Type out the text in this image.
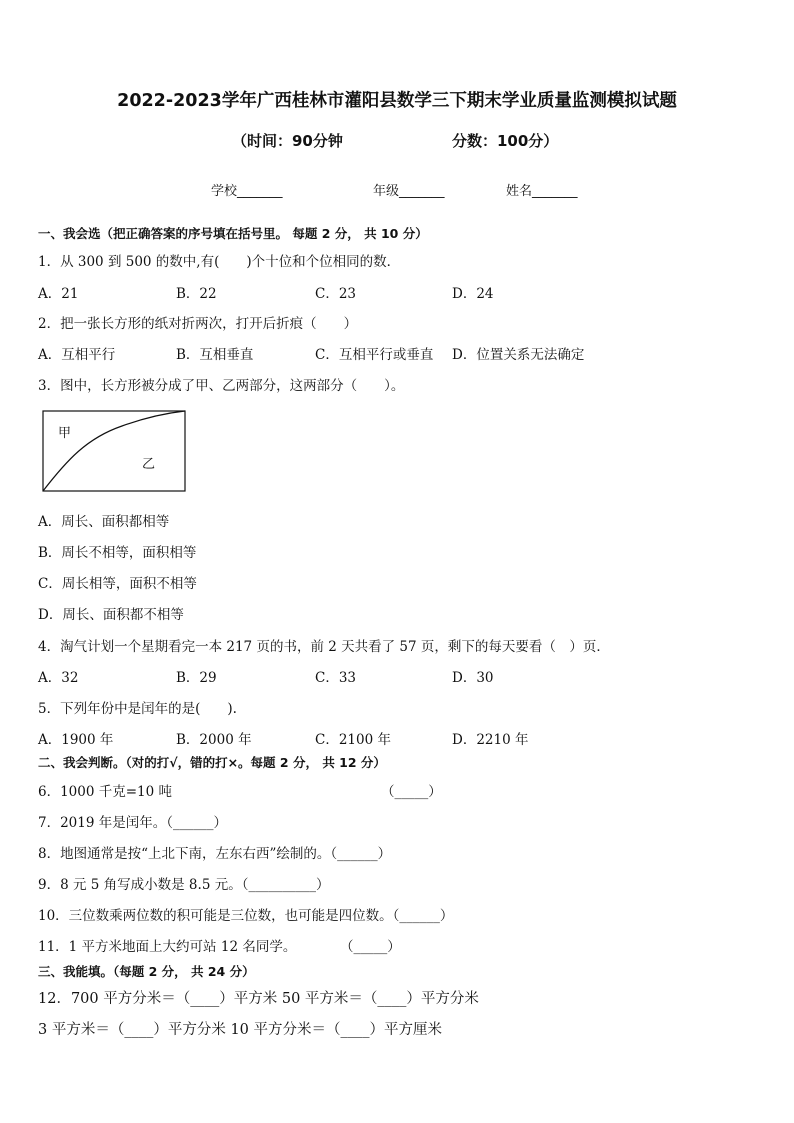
2022-2023学年广西桂林市灌阳县数学三下期末学业质量监测模拟试题
（时间：90分钟	分数：100分）
学校_______	年级_______	姓名_______
一、我会选（把正确答案的序号填在括号里。 每题 2 分， 共 10 分）
1．从 300 到 500 的数中,有(　　)个十位和个位相同的数．
A．21	B．22	C．23	D．24
2．把一张长方形的纸对折两次，打开后折痕（　　）
A．互相平行	B．互相垂直	C．互相平行或垂直 D．位置关系无法确定
3．图中，长方形被分成了甲、乙两部分，这两部分（　　）。
甲
乙
A．周长、面积都相等
B．周长不相等，面积相等
C．周长相等，面积不相等
D．周长、面积都不相等
4．淘气计划一个星期看完一本 217 页的书，前 2 天共看了 57 页，剩下的每天要看（　）页．
A．32	B．29	C．33	D．30
5．下列年份中是闰年的是(　　).
A．1900 年	B．2000 年	C．2100 年	D．2210 年
二、我会判断。（对的打√，错的打×。每题 2 分， 共 12 分）
6．1000 千克=10 吨	（_____）
7．2019 年是闰年。（______）
8．地图通常是按“上北下南，左东右西”绘制的。（______）
9．8 元 5 角写成小数是 8.5 元。（__________）
10．三位数乘两位数的积可能是三位数，也可能是四位数。（______）
11．1 平方米地面上大约可站 12 名同学。	（_____）
三、我能填。（每题 2 分， 共 24 分）
12．700 平方分米＝（____）平方米 50 平方米＝（____）平方分米
3 平方米＝（____）平方分米 10 平方分米＝（____）平方厘米
